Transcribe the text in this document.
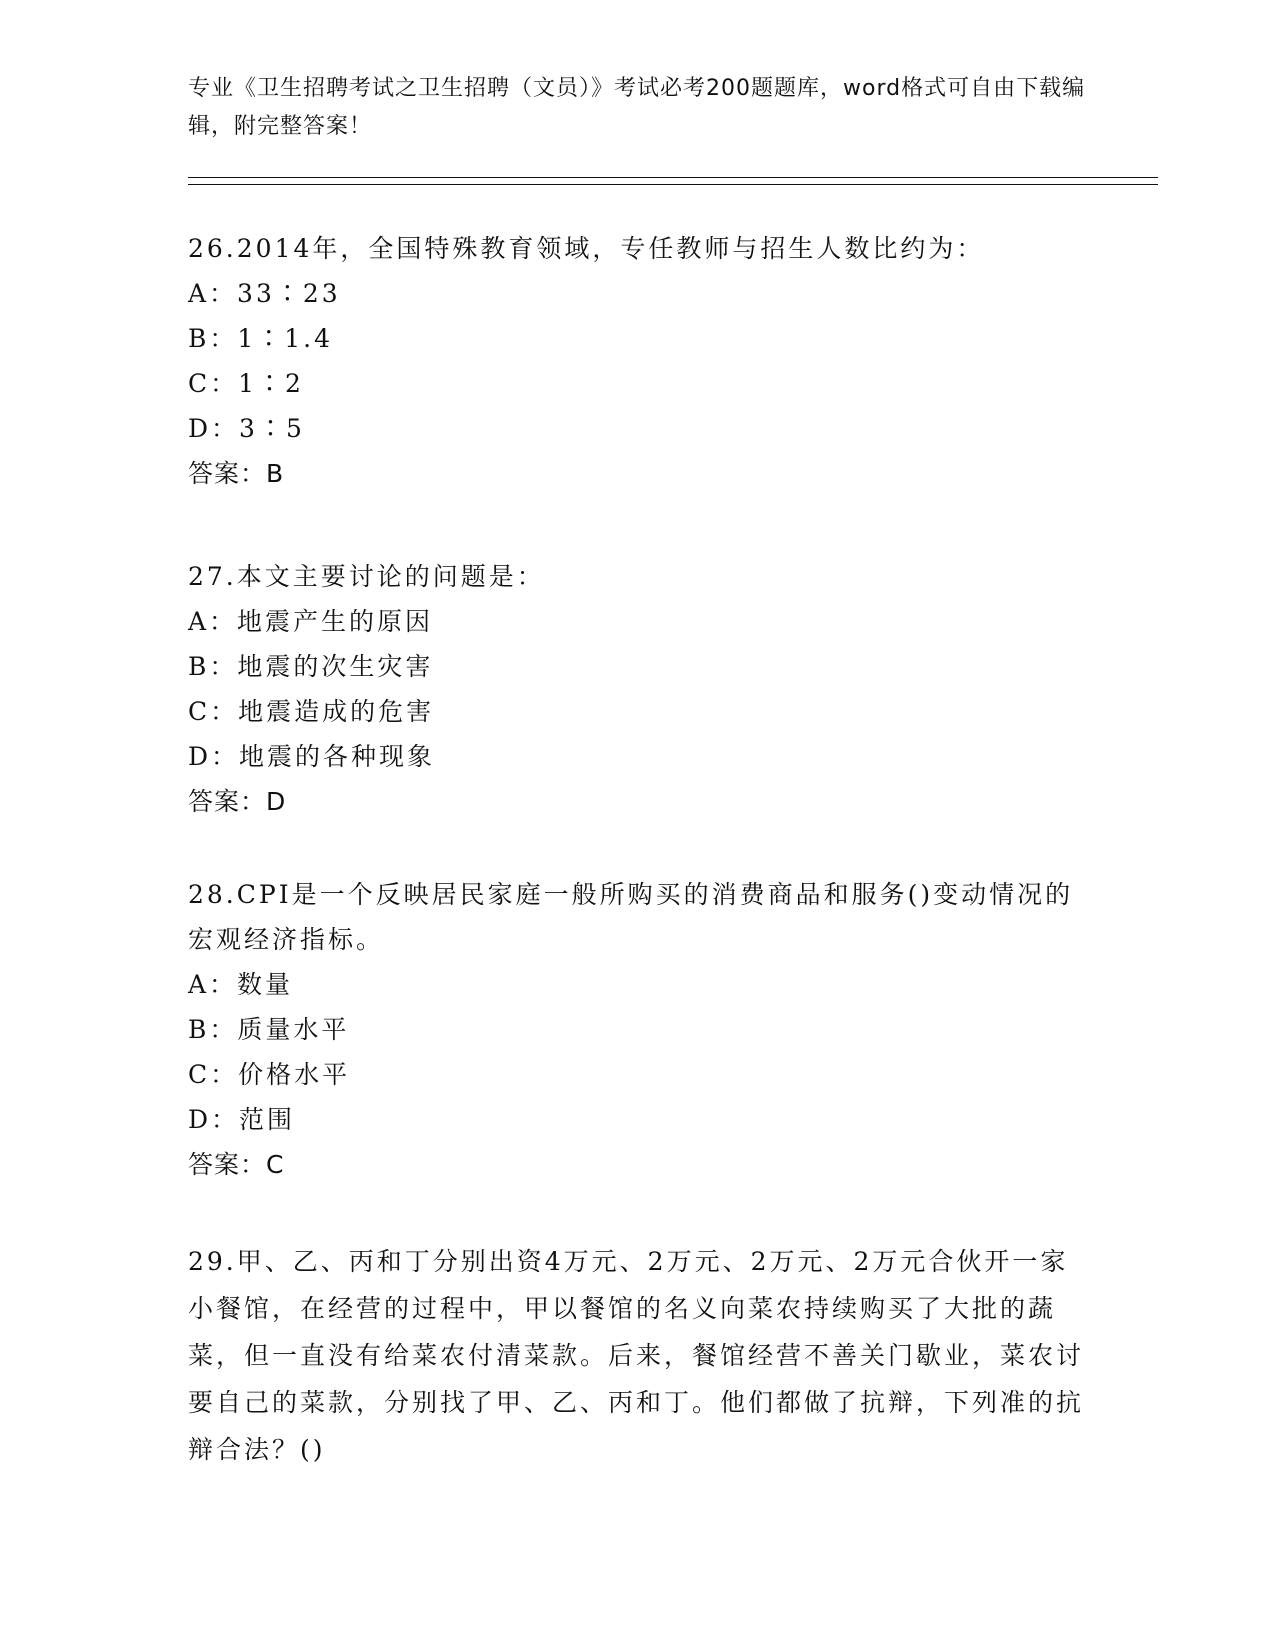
专业《卫生招聘考试之卫生招聘（文员）》考试必考200题题库，word格式可自由下载编辑，附完整答案！

26.2014年，全国特殊教育领域，专任教师与招生人数比约为：

A：33∶23

B：1∶1.4

C：1∶2

D：3∶5

答案：B

27.本文主要讨论的问题是：

A：地震产生的原因

B：地震的次生灾害

C：地震造成的危害

D：地震的各种现象

答案：D

28.CPI是一个反映居民家庭一般所购买的消费商品和服务()变动情况的宏观经济指标。

A：数量

B：质量水平

C：价格水平

D：范围

答案：C

29.甲、乙、丙和丁分别出资4万元、2万元、2万元、2万元合伙开一家小餐馆，在经营的过程中，甲以餐馆的名义向菜农持续购买了大批的蔬菜，但一直没有给菜农付清菜款。后来，餐馆经营不善关门歇业，菜农讨要自己的菜款，分别找了甲、乙、丙和丁。他们都做了抗辩，下列准的抗辩合法？()
